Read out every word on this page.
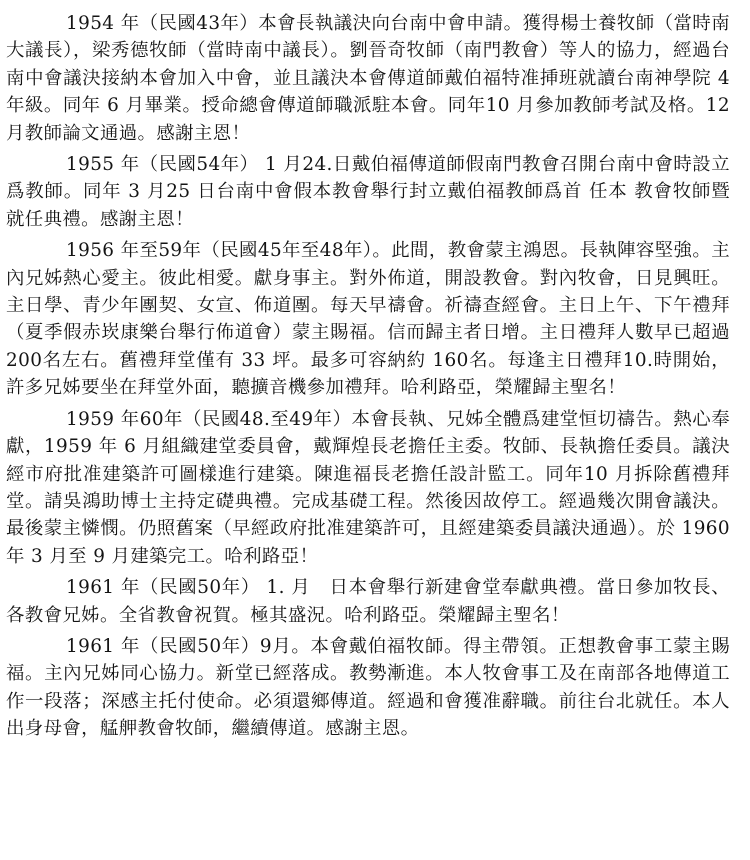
1954 年（民國43年）本會長執議決向台南中會申請。獲得楊士養牧師（當時南大議長），梁秀德牧師（當時南中議長）。劉晉奇牧師（南門教會）等人的協力，經過台南中會議決接納本會加入中會，並且議決本會傳道師戴伯福特准挿班就讀台南神學院 4 年級。同年 6 月畢業。授命總會傳道師職派駐本會。同年10 月參加教師考試及格。12 月教師論文通過。感謝主恩！

1955 年（民國54年） 1 月24.日戴伯福傳道師假南門教會召開台南中會時設立爲教師。同年 3 月25 日台南中會假本教會舉行封立戴伯福教師爲首 任本 教會牧師暨就任典禮。感謝主恩！

1956 年至59年（民國45年至48年）。此間，教會蒙主鴻恩。長執陣容堅強。主內兄姊熱心愛主。彼此相愛。獻身事主。對外佈道，開設教會。對內牧會，日見興旺。主日學、青少年團契、女宣、佈道團。每天早禱會。祈禱查經會。主日上午、下午禮拜（夏季假赤崁康樂台舉行佈道會）蒙主賜福。信而歸主者日增。主日禮拜人數早已超過 200名左右。舊禮拜堂僅有 33 坪。最多可容納約 160名。每逢主日禮拜10.時開始，許多兄姊要坐在拜堂外面，聽擴音機參加禮拜。哈利路亞，榮耀歸主聖名！

1959 年60年（民國48.至49年）本會長執、兄姊全體爲建堂恒切禱告。熱心奉獻，1959 年 6 月組織建堂委員會，戴輝煌長老擔任主委。牧師、長執擔任委員。議決經市府批准建築許可圖樣進行建築。陳進福長老擔任設計監工。同年10 月拆除舊禮拜堂。請吳鴻助博士主持定礎典禮。完成基礎工程。然後因故停工。經過幾次開會議決。最後蒙主憐憫。仍照舊案（早經政府批准建築許可，且經建築委員議決通過）。於 1960 年 3 月至 9 月建築完工。哈利路亞！

1961 年（民國50年） 1. 月　日本會舉行新建會堂奉獻典禮。當日參加牧長、各教會兄姊。全省教會祝賀。極其盛況。哈利路亞。榮耀歸主聖名！

1961 年（民國50年）9月。本會戴伯福牧師。得主帶領。正想教會事工蒙主賜福。主內兄姊同心協力。新堂已經落成。教勢漸進。本人牧會事工及在南部各地傳道工作一段落；深感主托付使命。必須還鄉傳道。經過和會獲准辭職。前往台北就任。本人出身母會，艋舺教會牧師，繼續傳道。感謝主恩。
